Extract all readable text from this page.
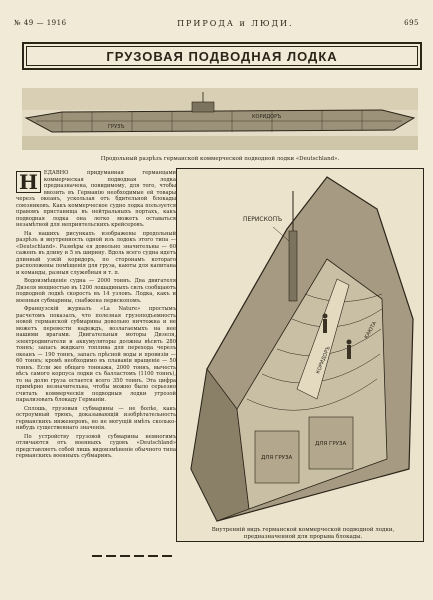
№ 49 — 1916	ПРИРОДА и ЛЮДИ.	695
ГРУЗОВАЯ ПОДВОДНАЯ ЛОДКА
ГРУЗЪ
КОРИДОРЪ
Продольный разрѣзъ германской коммерческой подводной лодки «Deutschland».

Н	ЕДАВНО придуманная германцами коммерческая подводная лодка предназначена, повидимому, для того, чтобы ввозить въ Германію необходимые ей товары черезъ океанъ, ускользая отъ бдительной блокады союзниковъ. Какъ коммерческое судно лодка пользуется правомъ пристанища въ нейтральныхъ портахъ, какъ подводная лодка она легко можетъ оставаться незамѣтной для неприятельскихъ крейсеровъ.

На нашихъ рисункахъ изображены продольный разрѣзъ и внутренность одной изъ лодокъ этого типа — «Deutschland». Размѣры ея довольно значительны — 60 саженъ въ длину и 5 въ ширину. Вдоль всего судна идетъ длинный узкій коридоръ, по сторонамъ котораго расположены помѣщенія для груза, каюты для капитана и команды, разныя служебныя и т. п.

Водоизмѣщеніе судна — 2000 тоннъ. Два двигателя Дизеля мощностью въ 1200 лошадиныхъ силъ сообщаютъ подводной лодкѣ скорость въ 14 узловъ. Лодка, какъ и военныя субмарины, снабжена перископомъ.

Французскій журналъ «La Nature» простымъ расчетомъ показалъ, что полезная грузоподъемность новой германской субмарины довольно ничтожна и не можетъ перевести надеждъ, возлагаемыхъ на нее нашими врагами. Двигательныя моторы Дизеля, электродвигатели и аккумуляторы должны вѣсить 280 тоннъ; запасъ жидкаго топлива для перехода черезъ океанъ — 190 тоннъ, запасъ прѣсной воды и провизіи — 60 тоннъ; кромѣ необходимо въ плаваніи вращеніе — 50 тоннъ. Если же общаго тоннажа, 2000 тоннъ, вычесть вѣсъ самого корпуса лодки съ балластомъ (1100 тоннъ), то на долю груза остается всего 350 тоннъ. Эта цифра примѣрно незначительна, чтобы можно было серьезно считать коммерческія подводныя лодки угрозой парализовать блокаду Германіи.

Сплошь, грузовыя субмарины — не болѣе, какъ остроумный трюкъ, доказывающій изобрѣтательность германскихъ инженеровъ, но не могущій имѣть сколько-нибудь существеннаго значенія.

По устройству грузовой субмарины немногимъ отличаются отъ военныхъ судовъ «Deutschland» представляетъ собой лишь видоизмѣненіе обычного типа германскихъ военныхъ субмаринъ.

ПЕРИСКОПЪ
КОРИДОРЪ
КАЮТА
ДЛЯ ГРУЗА
ДЛЯ ГРУЗА
Внутренній видъ германской коммерческой подводной лодки, предназначенной для прорыва блокады.
